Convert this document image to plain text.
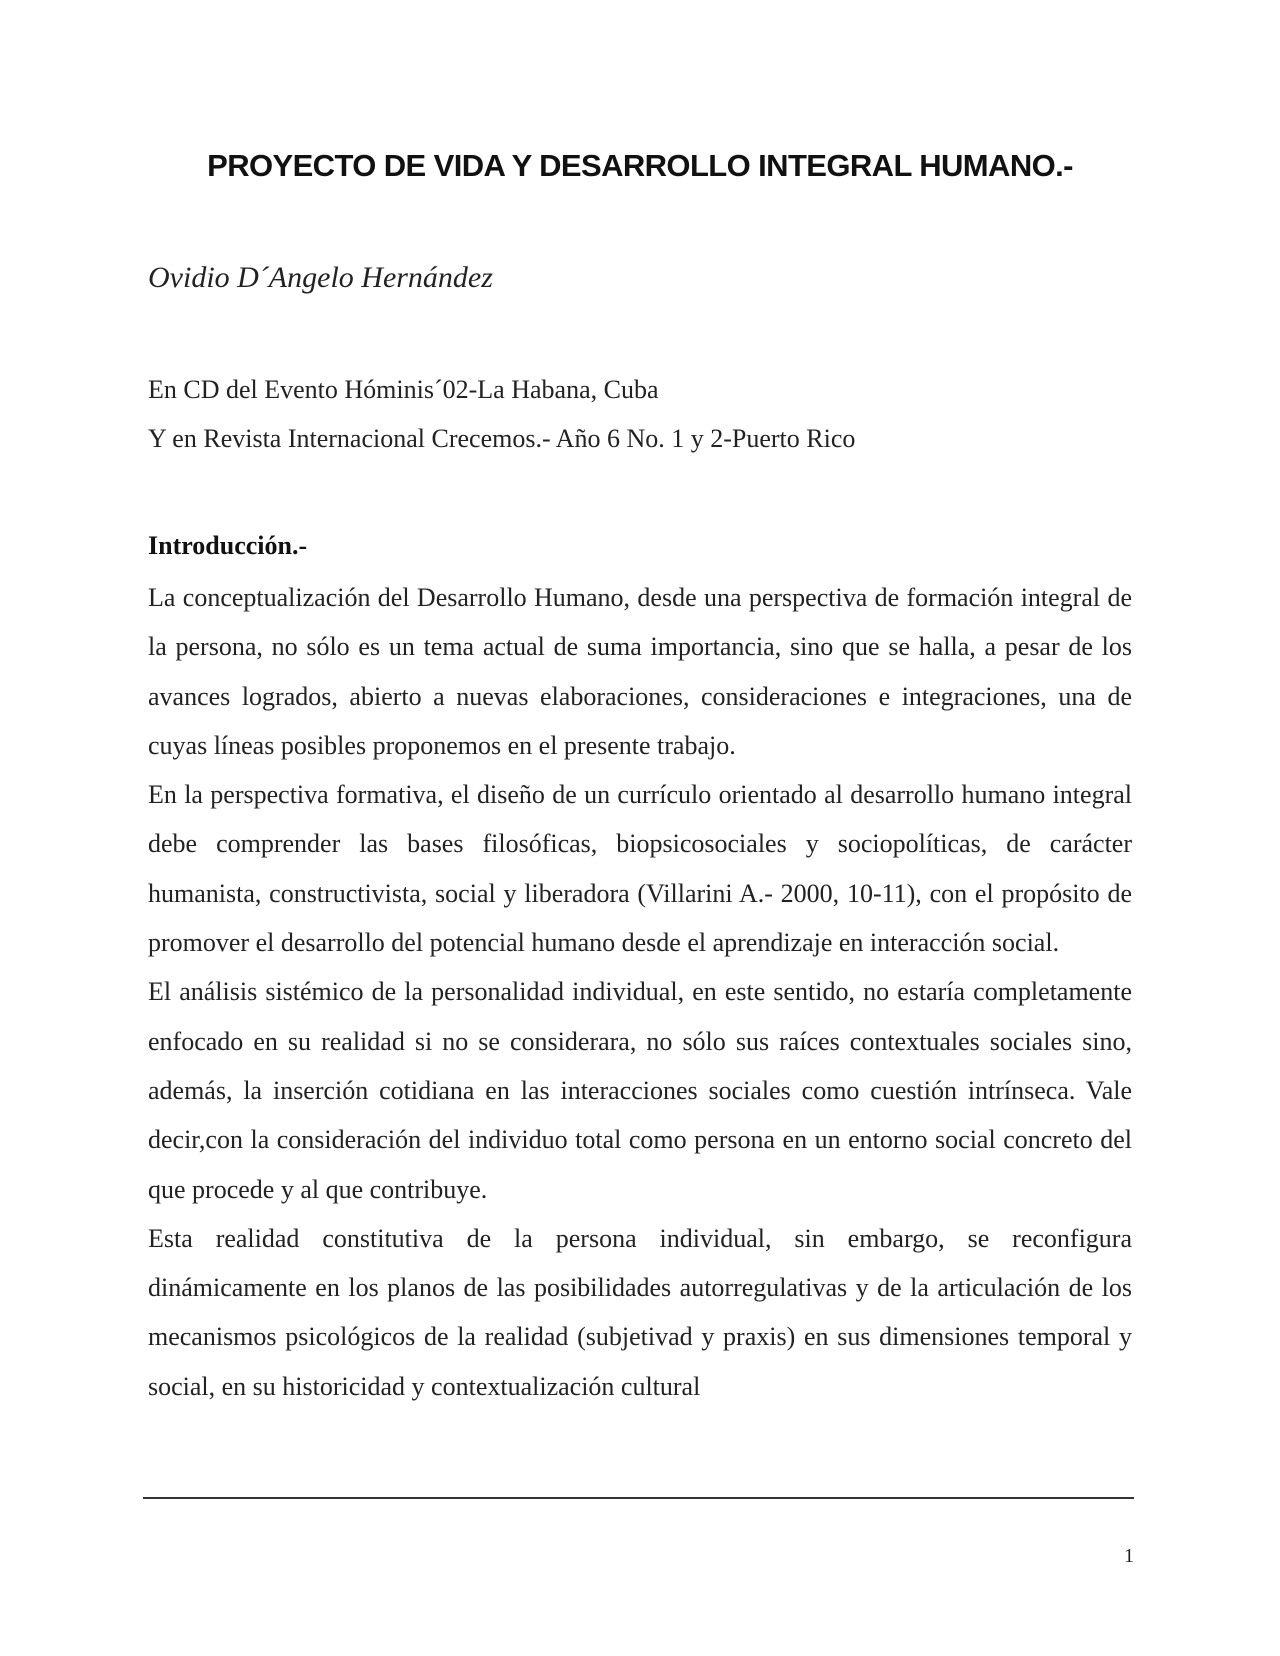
PROYECTO DE VIDA Y DESARROLLO INTEGRAL HUMANO.-
Ovidio D´Angelo Hernández
En CD del Evento Hóminis´02-La Habana, Cuba
Y en Revista Internacional Crecemos.- Año 6 No. 1 y 2-Puerto Rico
Introducción.-

La conceptualización del Desarrollo Humano, desde una perspectiva de formación integral de la persona, no sólo es un tema actual de suma importancia, sino que se halla, a pesar de los avances logrados, abierto a nuevas elaboraciones, consideraciones e integraciones, una de cuyas líneas posibles proponemos en el presente trabajo.

En la perspectiva formativa, el diseño de un currículo orientado al desarrollo humano integral debe comprender las bases filosóficas, biopsicosociales y sociopolíticas, de carácter humanista, constructivista, social y liberadora (Villarini A.- 2000, 10-11), con el propósito de promover el desarrollo del potencial humano desde el aprendizaje en interacción social.

El análisis sistémico de la personalidad individual, en este sentido, no estaría completamente enfocado en su realidad si no se considerara, no sólo sus raíces contextuales sociales sino, además, la inserción cotidiana en las interacciones sociales como cuestión intrínseca. Vale decir,con la consideración del individuo total como persona en un entorno social concreto del que procede y al que contribuye.

Esta realidad constitutiva de la persona individual, sin embargo, se reconfigura dinámicamente en los planos de las posibilidades autorregulativas y de la articulación de los mecanismos psicológicos de la realidad (subjetivad y praxis) en sus dimensiones temporal y social, en su historicidad y contextualización cultural

1
